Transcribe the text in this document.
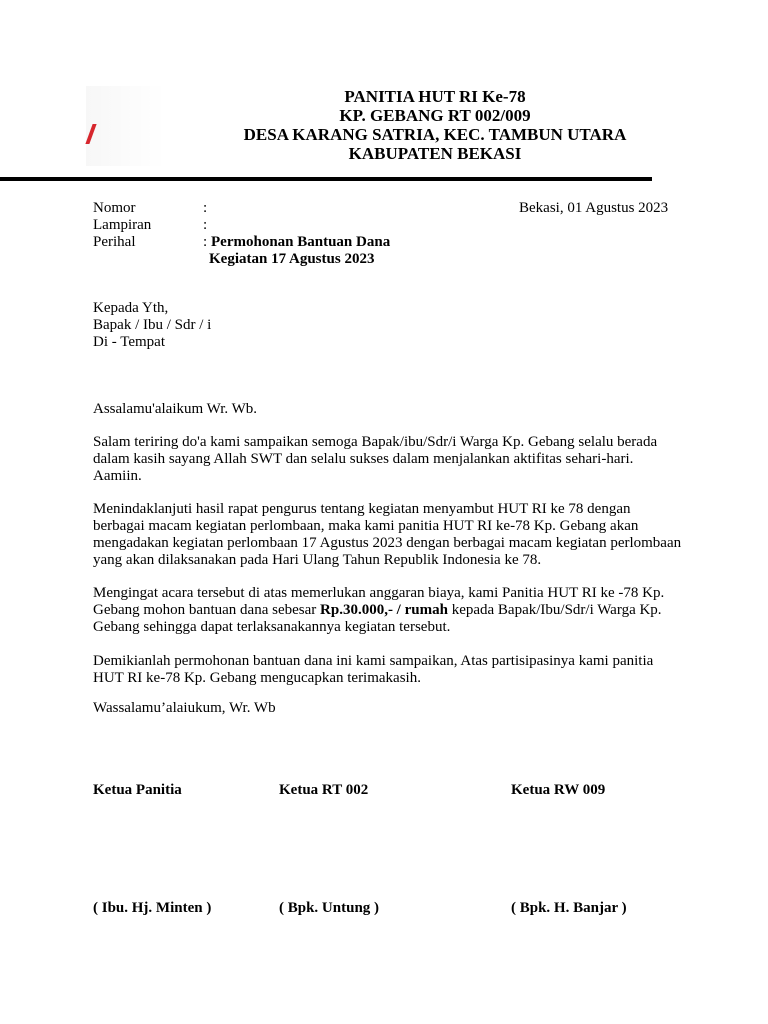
PANITIA HUT RI Ke-78
KP. GEBANG RT 002/009
DESA KARANG SATRIA, KEC. TAMBUN UTARA
KABUPATEN BEKASI
Nomor	:
Lampiran	:
Perihal	: Permohonan Bantuan Dana
Kegiatan 17 Agustus 2023
Bekasi, 01 Agustus 2023

Kepada Yth,

Bapak / Ibu / Sdr / i

Di - Tempat

Assalamu'alaikum Wr. Wb.
Salam teriring do'a kami sampaikan semoga Bapak/ibu/Sdr/i Warga Kp. Gebang selalu berada dalam kasih sayang Allah SWT dan selalu sukses dalam menjalankan aktifitas sehari-hari. Aamiin.
Menindaklanjuti hasil rapat pengurus tentang kegiatan menyambut HUT RI ke 78 dengan berbagai macam kegiatan perlombaan, maka kami panitia HUT RI ke-78 Kp. Gebang akan mengadakan kegiatan perlombaan 17 Agustus 2023 dengan berbagai macam kegiatan perlombaan yang akan dilaksanakan pada Hari Ulang Tahun Republik Indonesia ke 78.
Mengingat acara tersebut di atas memerlukan anggaran biaya, kami Panitia HUT RI ke -78 Kp. Gebang mohon bantuan dana sebesar Rp.30.000,- / rumah kepada Bapak/Ibu/Sdr/i Warga Kp. Gebang sehingga dapat terlaksanakannya kegiatan tersebut.
Demikianlah permohonan bantuan dana ini kami sampaikan, Atas partisipasinya kami panitia HUT RI ke-78 Kp. Gebang mengucapkan terimakasih.
Wassalamu’alaiukum, Wr. Wb
Ketua Panitia	Ketua RT 002	Ketua RW 009
( Ibu. Hj. Minten )	( Bpk. Untung )	( Bpk. H. Banjar )
